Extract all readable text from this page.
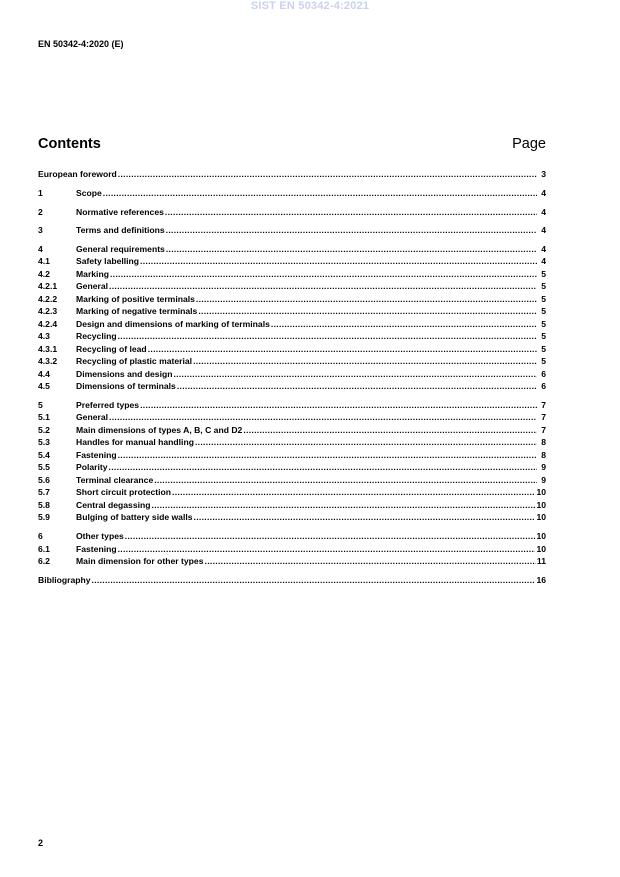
SIST EN 50342-4:2021
EN 50342-4:2020 (E)
Contents	Page
European foreword .....	3
1	Scope .....	4
2	Normative references .....	4
3	Terms and definitions .....	4
4	General requirements .....	4
4.1	Safety labelling .....	4
4.2	Marking .....	5
4.2.1	General .....	5
4.2.2	Marking of positive terminals .....	5
4.2.3	Marking of negative terminals .....	5
4.2.4	Design and dimensions of marking of terminals .....	5
4.3	Recycling .....	5
4.3.1	Recycling of lead .....	5
4.3.2	Recycling of plastic material .....	5
4.4	Dimensions and design .....	6
4.5	Dimensions of terminals .....	6
5	Preferred types .....	7
5.1	General .....	7
5.2	Main dimensions of types A, B, C and D2 .....	7
5.3	Handles for manual handling .....	8
5.4	Fastening .....	8
5.5	Polarity .....	9
5.6	Terminal clearance .....	9
5.7	Short circuit protection .....	10
5.8	Central degassing .....	10
5.9	Bulging of battery side walls .....	10
6	Other types .....	10
6.1	Fastening .....	10
6.2	Main dimension for other types .....	11
Bibliography .....	16
2
